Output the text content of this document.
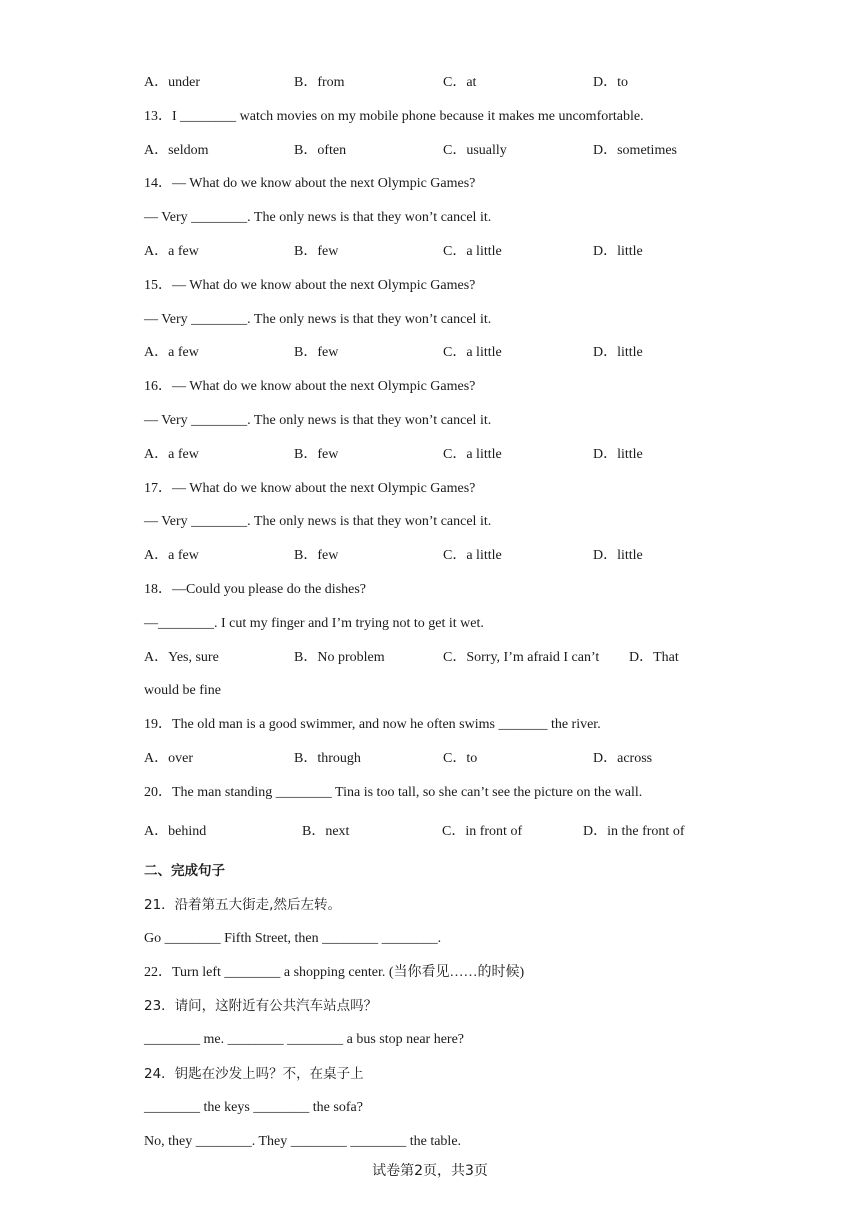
A．under	B．from	C．at	D．to
13．I ________ watch movies on my mobile phone because it makes me uncomfortable.
A．seldom	B．often	C．usually	D．sometimes
14．— What do we know about the next Olympic Games?
— Very ________. The only news is that they won’t cancel it.
A．a few	B．few	C．a little	D．little
15．— What do we know about the next Olympic Games?
— Very ________. The only news is that they won’t cancel it.
A．a few	B．few	C．a little	D．little
16．— What do we know about the next Olympic Games?
— Very ________. The only news is that they won’t cancel it.
A．a few	B．few	C．a little	D．little
17．— What do we know about the next Olympic Games?
— Very ________. The only news is that they won’t cancel it.
A．a few	B．few	C．a little	D．little
18．—Could you please do the dishes?
—________. I cut my finger and I’m trying not to get it wet.
A．Yes, sure	B．No problem	C．Sorry, I’m afraid I can’t D．That
would be fine
19．The old man is a good swimmer, and now he often swims _______ the river.
A．over	B．through	C．to	D．across
20．The man standing ________ Tina is too tall, so she can’t see the picture on the wall.
A．behind	B．next	C．in front of	D．in the front of
二、完成句子
21．沿着第五大街走,然后左转。
Go ________ Fifth Street, then ________ ________.
22．Turn left ________ a shopping center. (当你看见……的时候)
23．请问，这附近有公共汽车站点吗？
________ me. ________ ________ a bus stop near here?
24．钥匙在沙发上吗？不，在桌子上
________ the keys ________ the sofa?
No, they ________. They ________ ________ the table.
试卷第2页，共3页
